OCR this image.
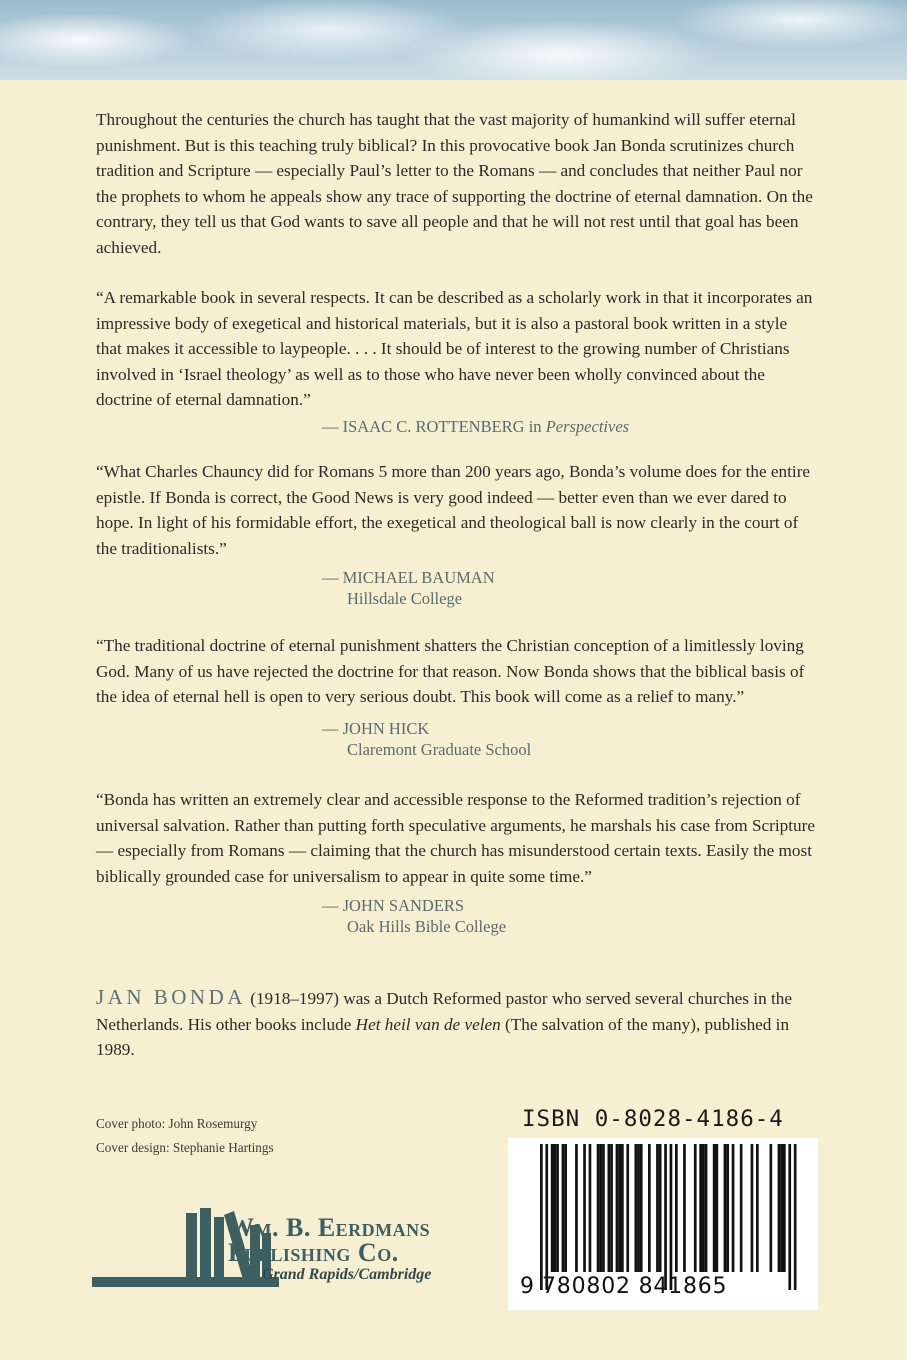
Throughout the centuries the church has taught that the vast majority of humankind will suffer eternal punishment. But is this teaching truly biblical? In this provocative book Jan Bonda scrutinizes church tradition and Scripture — especially Paul’s letter to the Romans — and concludes that neither Paul nor the prophets to whom he appeals show any trace of supporting the doctrine of eternal damnation. On the contrary, they tell us that God wants to save all people and that he will not rest until that goal has been achieved.
“A remarkable book in several respects. It can be described as a scholarly work in that it incorporates an impressive body of exegetical and historical materials, but it is also a pastoral book written in a style that makes it accessible to laypeople. . . . It should be of interest to the growing number of Christians involved in ‘Israel theology’ as well as to those who have never been wholly convinced about the doctrine of eternal damnation.”
— ISAAC C. ROTTENBERG in Perspectives
“What Charles Chauncy did for Romans 5 more than 200 years ago, Bonda’s volume does for the entire epistle. If Bonda is correct, the Good News is very good indeed — better even than we ever dared to hope. In light of his formidable effort, the exegetical and theological ball is now clearly in the court of the traditionalists.”
— MICHAEL BAUMAN
Hillsdale College
“The traditional doctrine of eternal punishment shatters the Christian conception of a limitlessly loving God. Many of us have rejected the doctrine for that reason. Now Bonda shows that the biblical basis of the idea of eternal hell is open to very serious doubt. This book will come as a relief to many.”
— JOHN HICK
Claremont Graduate School
“Bonda has written an extremely clear and accessible response to the Reformed tradition’s rejection of universal salvation. Rather than putting forth speculative arguments, he marshals his case from Scripture — especially from Romans — claiming that the church has misunderstood certain texts. Easily the most biblically grounded case for universalism to appear in quite some time.”
— JOHN SANDERS
Oak Hills Bible College
JAN BONDA (1918–1997) was a Dutch Reformed pastor who served several churches in the Netherlands. His other books include Het heil van de velen (The salvation of the many), published in 1989.
Cover photo: John Rosemurgy
Cover design: Stephanie Hartings
Wm. B. Eerdmans
Publishing Co.
Grand Rapids/Cambridge
ISBN 0-8028-4186-4
9 780802 841865
